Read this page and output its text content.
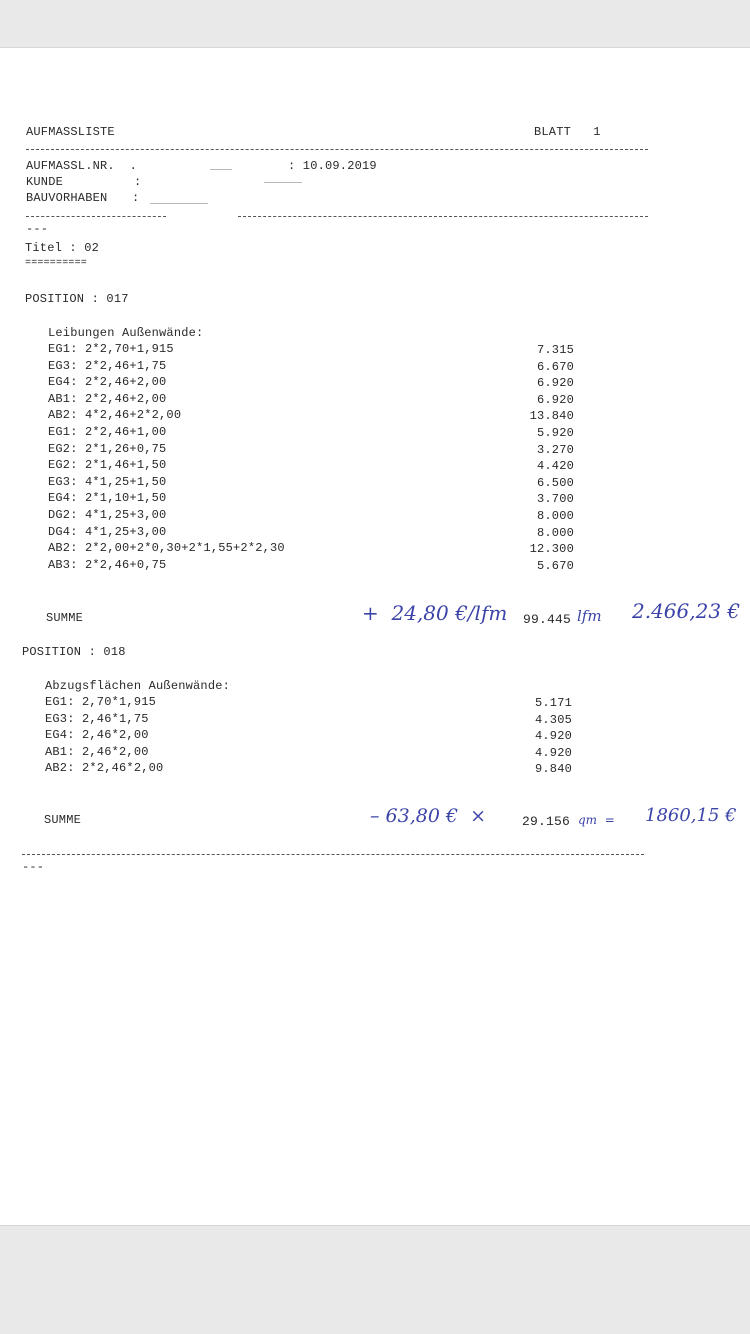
AUFMASSLISTE	BLATT   1
AUFMASSL.NR.  .	: 10.09.2019
KUNDE	:
BAUVORHABEN :
---
Titel : 02
==========
POSITION : 017
Leibungen Außenwände:
EG1: 2*2,70+1,915	7.315
EG3: 2*2,46+1,75	6.670
EG4: 2*2,46+2,00	6.920
AB1: 2*2,46+2,00	6.920
AB2: 4*2,46+2*2,00	13.840
EG1: 2*2,46+1,00	5.920
EG2: 2*1,26+0,75	3.270
EG2: 2*1,46+1,50	4.420
EG3: 4*1,25+1,50	6.500
EG4: 2*1,10+1,50	3.700
DG2: 4*1,25+3,00	8.000
DG4: 4*1,25+3,00	8.000
AB2: 2*2,00+2*0,30+2*1,55+2*2,30	12.300
AB3: 2*2,46+0,75	5.670
SUMME	+  24,80 €/lfm 99.445 lfm 2.466,23 €
POSITION : 018
Abzugsflächen Außenwände:
EG1: 2,70*1,915	5.171
EG3: 2,46*1,75	4.305
EG4: 2,46*2,00	4.920
AB1: 2,46*2,00	4.920
AB2: 2*2,46*2,00	9.840
SUMME	– 63,80 €  ×	29.156 qm  = 1860,15 €
---
